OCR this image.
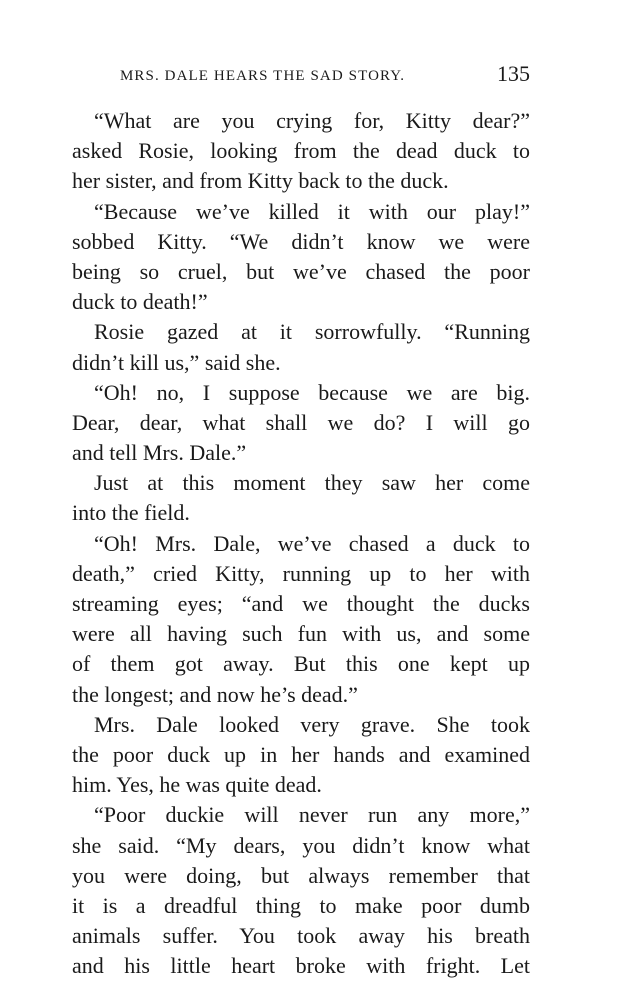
MRS. DALE HEARS THE SAD STORY.	135
“What are you crying for, Kitty dear?”
asked Rosie, looking from the dead duck to
her sister, and from Kitty back to the duck.
“Because we’ve killed it with our play!”
sobbed Kitty. “We didn’t know we were
being so cruel, but we’ve chased the poor
duck to death!”
Rosie gazed at it sorrowfully. “Running
didn’t kill us,” said she.
“Oh! no, I suppose because we are big.
Dear, dear, what shall we do? I will go
and tell Mrs. Dale.”
Just at this moment they saw her come
into the field.
“Oh! Mrs. Dale, we’ve chased a duck to
death,” cried Kitty, running up to her with
streaming eyes; “and we thought the ducks
were all having such fun with us, and some
of them got away. But this one kept up
the longest; and now he’s dead.”
Mrs. Dale looked very grave. She took
the poor duck up in her hands and examined
him. Yes, he was quite dead.
“Poor duckie will never run any more,”
she said. “My dears, you didn’t know what
you were doing, but always remember that
it is a dreadful thing to make poor dumb
animals suffer. You took away his breath
and his little heart broke with fright. Let
